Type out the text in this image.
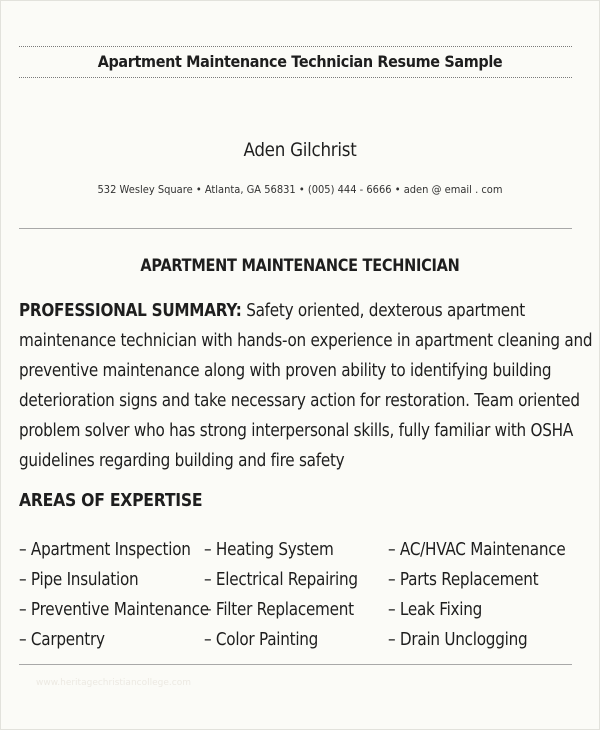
Apartment Maintenance Technician Resume Sample
Aden Gilchrist
532 Wesley Square • Atlanta, GA 56831 • (005) 444 - 6666 • aden @ email . com
APARTMENT MAINTENANCE TECHNICIAN
PROFESSIONAL SUMMARY: Safety oriented, dexterous apartment
maintenance technician with hands-on experience in apartment cleaning and
preventive maintenance along with proven ability to identifying building
deterioration signs and take necessary action for restoration. Team oriented
problem solver who has strong interpersonal skills, fully familiar with OSHA
guidelines regarding building and fire safety
AREAS OF EXPERTISE
– Apartment Inspection
– Pipe Insulation
– Preventive Maintenance
– Carpentry
– Heating System
– Electrical Repairing
– Filter Replacement
– Color Painting
– AC/HVAC Maintenance
– Parts Replacement
– Leak Fixing
– Drain Unclogging
www.heritagechristiancollege.com
